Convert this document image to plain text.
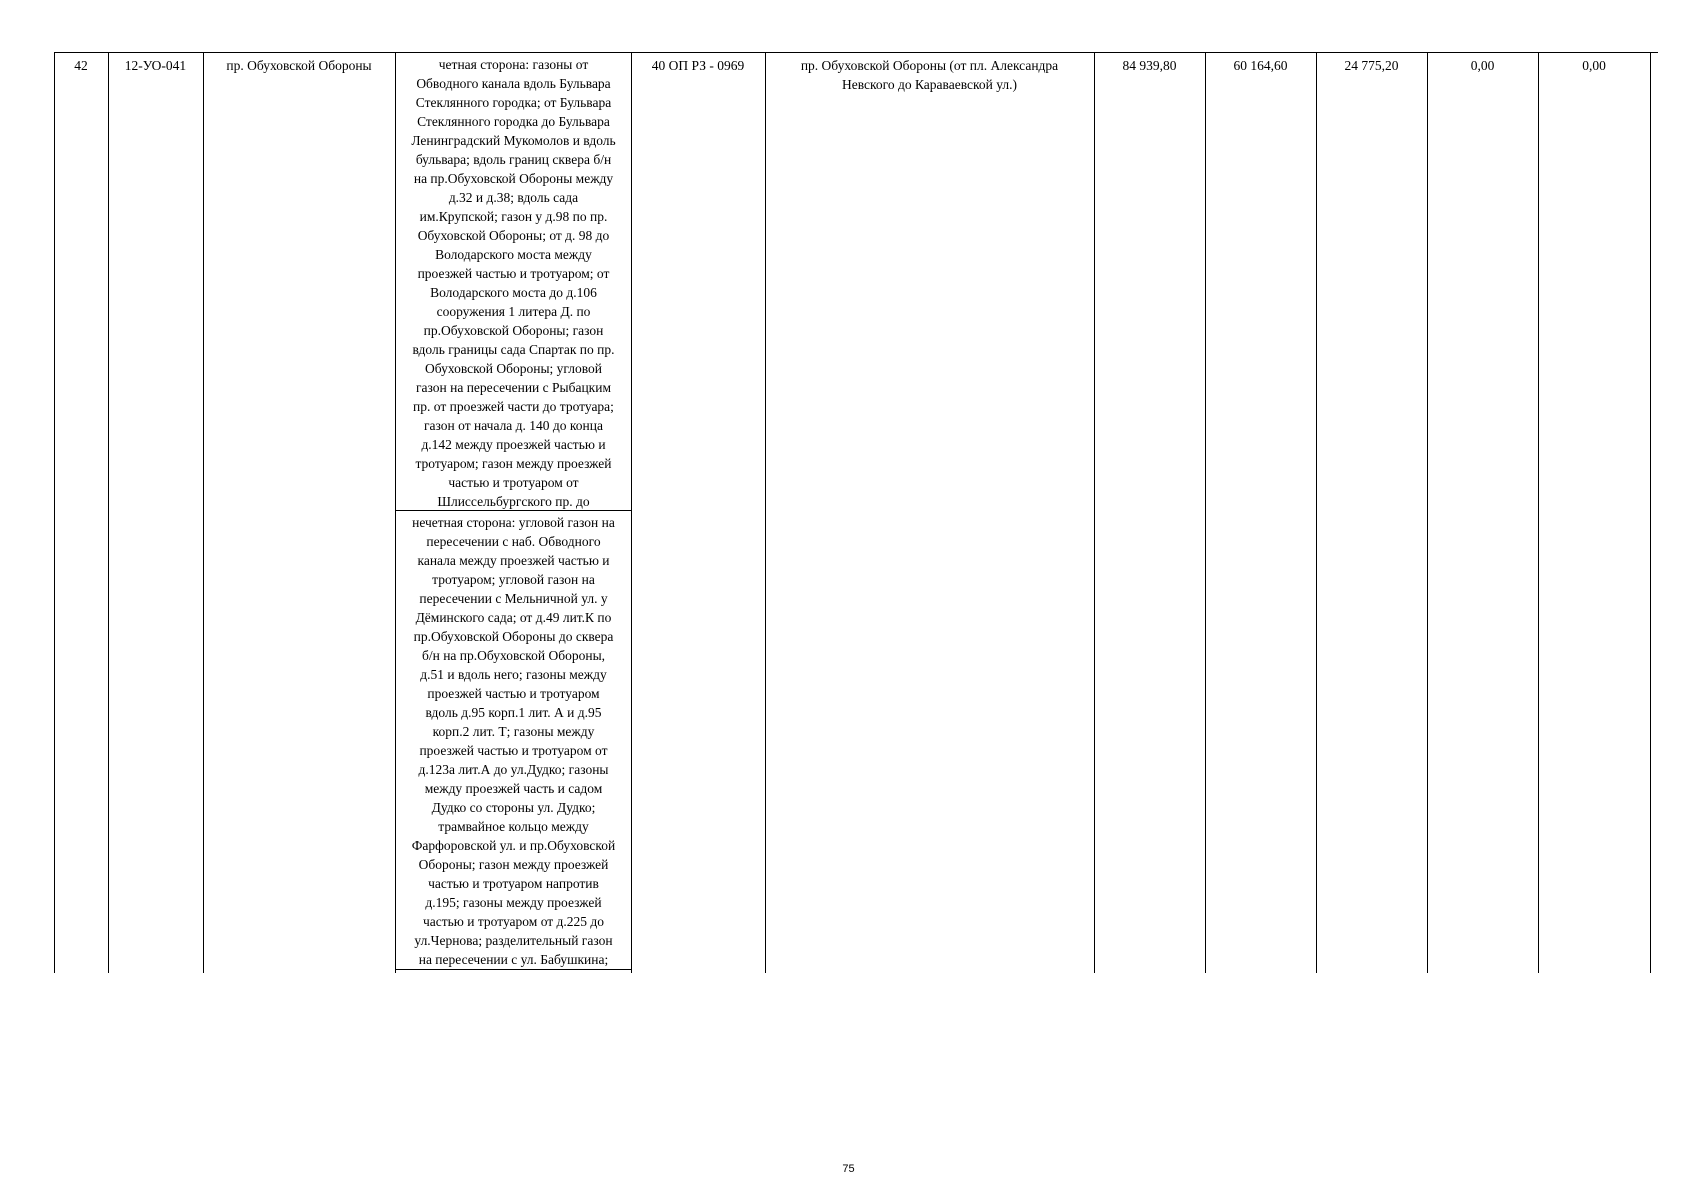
42	12-УО-041	пр. Обуховской Обороны	четная сторона: газоны от
Обводного канала вдоль Бульвара
Стеклянного городка; от Бульвара
Стеклянного городка до Бульвара
Ленинградский Мукомолов и вдоль
бульвара; вдоль границ сквера б/н
на пр.Обуховской Обороны между
д.32 и д.38; вдоль сада
им.Крупской; газон у д.98 по пр.
Обуховской Обороны; от д. 98 до
Володарского моста между
проезжей частью и тротуаром; от
Володарского моста до д.106
сооружения 1 литера Д. по
пр.Обуховской Обороны; газон
вдоль границы сада Спартак по пр.
Обуховской Обороны; угловой
газон на пересечении с Рыбацким
пр. от проезжей части до тротуара;
газон от начала д. 140 до конца
д.142 между проезжей частью и
тротуаром; газон между проезжей
частью и тротуаром от
Шлиссельбургского пр. до
нечетная сторона: угловой газон на
пересечении с наб. Обводного
канала между проезжей частью и
тротуаром; угловой газон на
пересечении с Мельничной ул. у
Дёминского сада; от д.49 лит.К по
пр.Обуховской Обороны до сквера
б/н на пр.Обуховской Обороны,
д.51 и вдоль него; газоны между
проезжей частью и тротуаром
вдоль д.95 корп.1 лит. А и д.95
корп.2 лит. Т; газоны между
проезжей частью и тротуаром от
д.123а лит.А до ул.Дудко; газоны
между проезжей часть и садом
Дудко со стороны ул. Дудко;
трамвайное кольцо между
Фарфоровской ул. и пр.Обуховской
Обороны; газон между проезжей
частью и тротуаром напротив
д.195; газоны между проезжей
частью и тротуаром от д.225 до
ул.Чернова; разделительный газон
на пересечении с ул. Бабушкина;
40 ОП РЗ - 0969	пр. Обуховской Обороны (от пл. Александра
Невского до Караваевской ул.)
84 939,80	60 164,60	24 775,20	0,00	0,00
75
